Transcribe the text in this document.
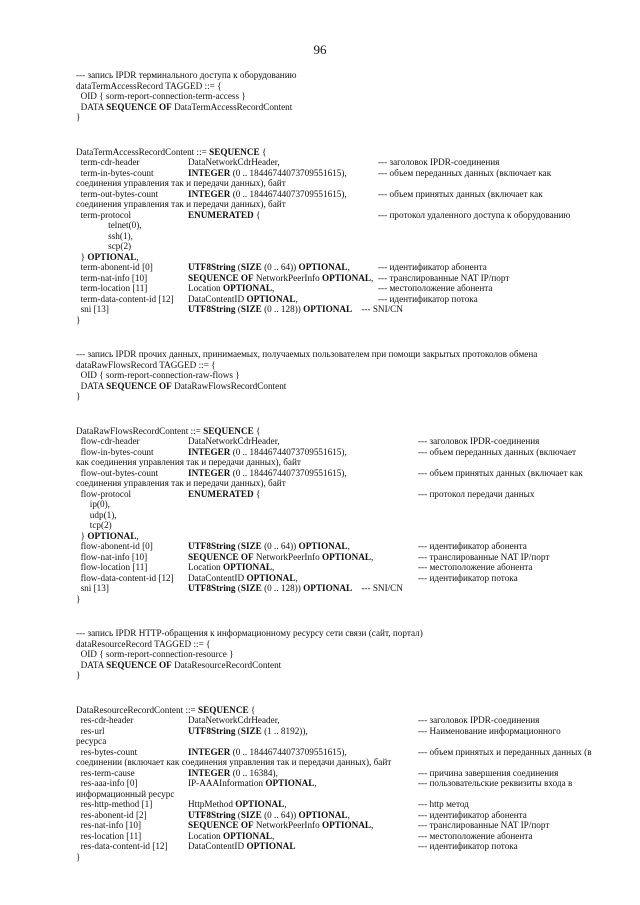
96
--- запись IPDR терминального доступа к оборудованию
dataTermAccessRecord TAGGED ::= {
OID { sorm-report-connection-term-access }
DATA SEQUENCE OF DataTermAccessRecordContent
}
DataTermAccessRecordContent ::= SEQUENCE {
term-cdr-header	DataNetworkCdrHeader,	--- заголовок IPDR-соединения
term-in-bytes-count	INTEGER (0 .. 18446744073709551615),	--- объем переданных данных (включает как
соединения управления так и передачи данных), байт
term-out-bytes-count	INTEGER (0 .. 18446744073709551615),	--- объем принятых данных (включает как
соединения управления так и передачи данных), байт
term-protocol	ENUMERATED {	--- протокол удаленного доступа к оборудованию
telnet(0),
ssh(1),
scp(2)
} OPTIONAL,
term-abonent-id [0]	UTF8String (SIZE (0 .. 64)) OPTIONAL,	--- идентификатор абонента
term-nat-info [10]	SEQUENCE OF NetworkPeerInfo OPTIONAL, --- транслированные NAT IP/порт
term-location [11]	Location OPTIONAL,	--- местоположение абонента
term-data-content-id [12] DataContentID OPTIONAL,	--- идентификатор потока
sni [13]	UTF8String (SIZE (0 .. 128)) OPTIONAL    --- SNI/CN
}
--- запись IPDR прочих данных, принимаемых, получаемых пользователем при помощи закрытых протоколов обмена
dataRawFlowsRecord TAGGED ::= {
OID { sorm-report-connection-raw-flows }
DATA SEQUENCE OF DataRawFlowsRecordContent
}
DataRawFlowsRecordContent ::= SEQUENCE {
flow-cdr-header	DataNetworkCdrHeader,	--- заголовок IPDR-соединения
flow-in-bytes-count	INTEGER (0 .. 18446744073709551615),	--- объем переданных данных (включает
как соединения управления так и передачи данных), байт
flow-out-bytes-count	INTEGER (0 .. 18446744073709551615),	--- объем принятых данных (включает как
соединения управления так и передачи данных), байт
flow-protocol	ENUMERATED {	--- протокол передачи данных
ip(0),
udp(1),
tcp(2)
} OPTIONAL,
flow-abonent-id [0]	UTF8String (SIZE (0 .. 64)) OPTIONAL,	--- идентификатор абонента
flow-nat-info [10]	SEQUENCE OF NetworkPeerInfo OPTIONAL,	--- транслированные NAT IP/порт
flow-location [11]	Location OPTIONAL,	--- местоположение абонента
flow-data-content-id [12] DataContentID OPTIONAL,	--- идентификатор потока
sni [13]	UTF8String (SIZE (0 .. 128)) OPTIONAL    --- SNI/CN
}
--- запись IPDR HTTP-обращения к информационному ресурсу сети связи (сайт, портал)
dataResourceRecord TAGGED ::= {
OID { sorm-report-connection-resource }
DATA SEQUENCE OF DataResourceRecordContent
}
DataResourceRecordContent ::= SEQUENCE {
res-cdr-header	DataNetworkCdrHeader,	--- заголовок IPDR-соединения
res-url	UTF8String (SIZE (1 .. 8192)),	--- Наименование информационного
ресурса
res-bytes-count	INTEGER (0 .. 18446744073709551615),	--- объем принятых и переданных данных (в
соединении (включает как соединения управления так и передачи данных), байт
res-term-cause	INTEGER (0 .. 16384),	--- причина завершения соединения
res-aaa-info [0]	IP-AAAInformation OPTIONAL,	--- пользовательские реквизиты входа в
информационный ресурс
res-http-method [1]	HttpMethod OPTIONAL,	--- http метод
res-abonent-id [2]	UTF8String (SIZE (0 .. 64)) OPTIONAL,	--- идентификатор абонента
res-nat-info [10]	SEQUENCE OF NetworkPeerInfo OPTIONAL,	--- транслированные NAT IP/порт
res-location [11]	Location OPTIONAL,	--- местоположение абонента
res-data-content-id [12] DataContentID OPTIONAL	--- идентификатор потока
}
